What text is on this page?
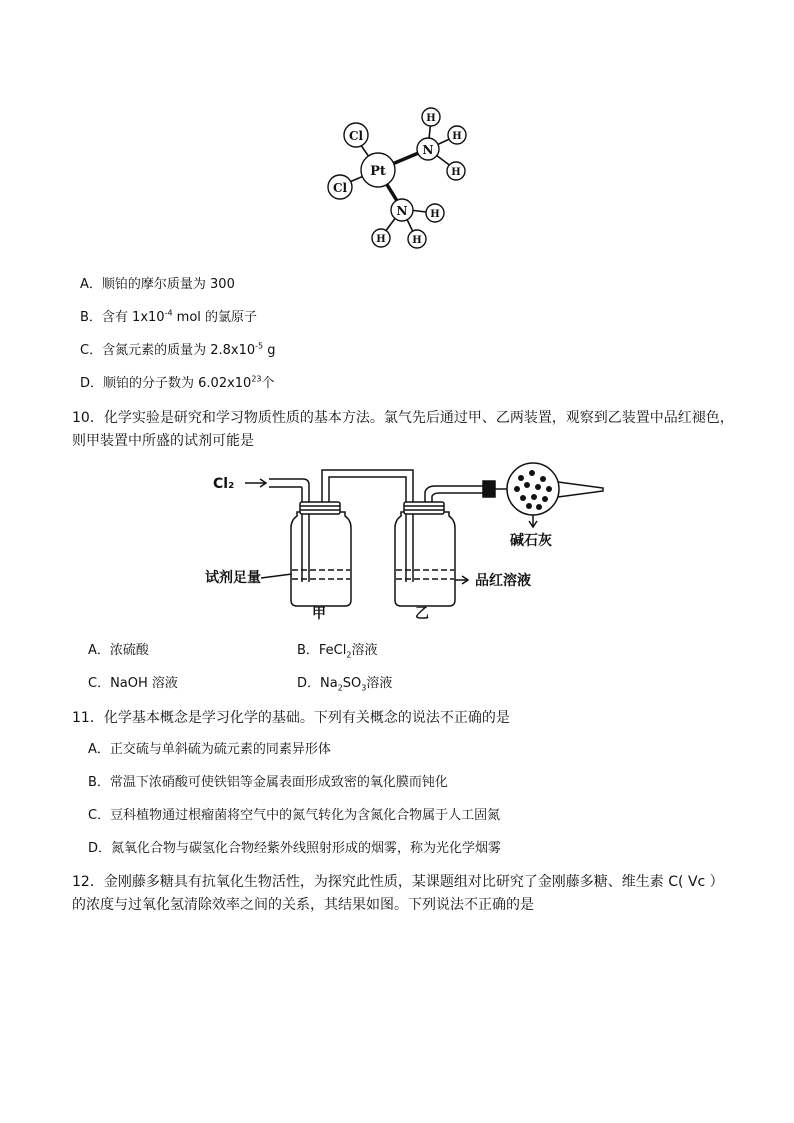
Pt
Cl
Cl
N
N
H
H
H
H
H	H
A．顺铂的摩尔质量为 300
B．含有 $1x10^{-4}$ mol 的氯原子
C．含氮元素的质量为 $2.8x10^{-5}$ g
D．顺铂的分子数为 $6.02x10^{23}$个
10．化学实验是研究和学习物质性质的基本方法。氯气先后通过甲、乙两装置，观察到乙装置中品红褪色，
则甲装置中所盛的试剂可能是
Cl₂
碱石灰
试剂足量	品红溶液
甲	乙
A．浓硫酸	B．FeCl$_2$溶液
C．NaOH 溶液	D．$Na_2SO_3$溶液
11．化学基本概念是学习化学的基础。下列有关概念的说法不正确的是
A．正交硫与单斜硫为硫元素的同素异形体
B．常温下浓硝酸可使铁铝等金属表面形成致密的氧化膜而钝化
C．豆科植物通过根瘤菌将空气中的氮气转化为含氮化合物属于人工固氮
D．氮氧化合物与碳氢化合物经紫外线照射形成的烟雾，称为光化学烟雾
12．金刚藤多糖具有抗氧化生物活性，为探究此性质，某课题组对比研究了金刚藤多糖、维生素 C( Vc ）
的浓度与过氧化氢清除效率之间的关系，其结果如图。下列说法不正确的是
